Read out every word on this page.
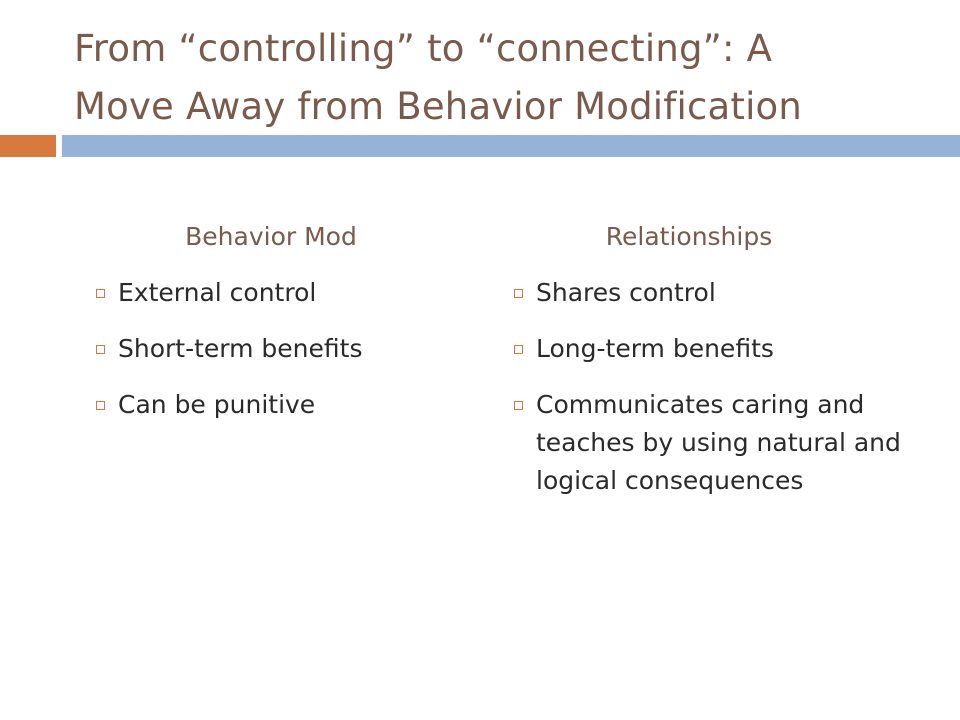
From “controlling” to “connecting”: A
Move Away from Behavior Modification
Behavior Mod
External control
Short-term benefits
Can be punitive
Relationships
Shares control
Long-term benefits
Communicates caring and teaches by using natural and logical consequences
